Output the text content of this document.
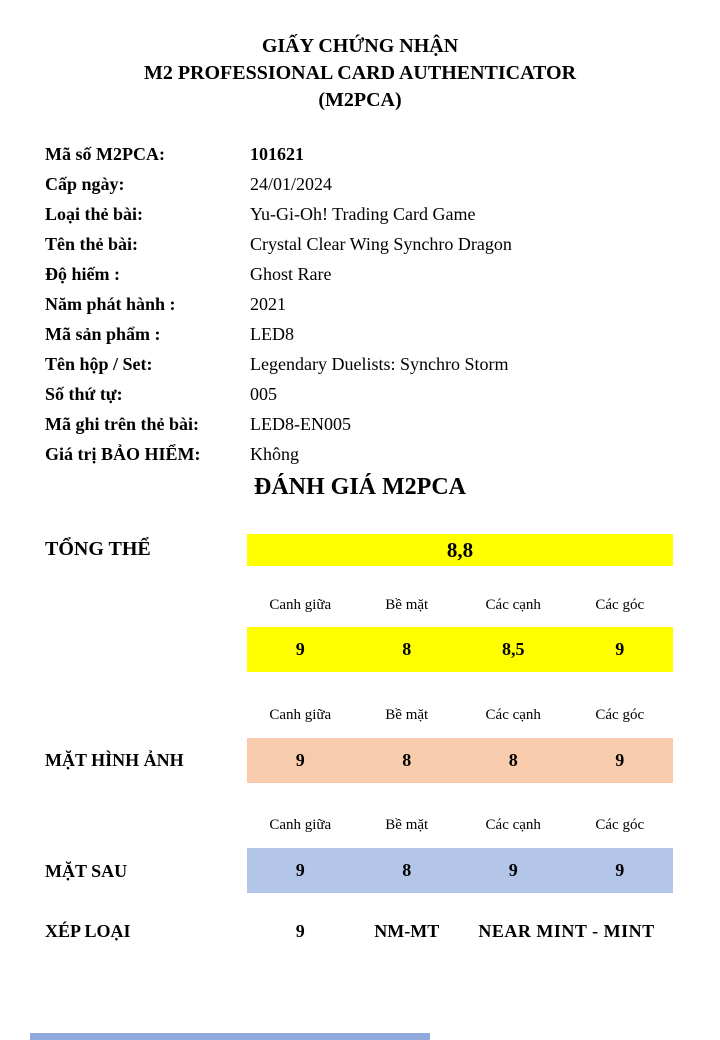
GIẤY CHỨNG NHẬN
M2 PROFESSIONAL CARD AUTHENTICATOR
(M2PCA)
Mã số M2PCA:	101621
Cấp ngày:	24/01/2024
Loại thẻ bài:	Yu-Gi-Oh! Trading Card Game
Tên thẻ bài:	Crystal Clear Wing Synchro Dragon
Độ hiếm :	Ghost Rare
Năm phát hành :	2021
Mã sản phẩm :	LED8
Tên hộp / Set:	Legendary Duelists: Synchro Storm
Số thứ tự:	005
Mã ghi trên thẻ bài:	LED8-EN005
Giá trị BẢO HIỂM:	Không
ĐÁNH GIÁ M2PCA
TỔNG THỂ	8,8
Canh giữa	Bề mặt	Các cạnh	Các góc
9	8	8,5	9
Canh giữa	Bề mặt	Các cạnh	Các góc
MẶT HÌNH ẢNH	9	8	8	9
Canh giữa	Bề mặt	Các cạnh	Các góc
MẶT SAU	9	8	9	9
XÉP LOẠI	9	NM-MT	NEAR MINT - MINT
